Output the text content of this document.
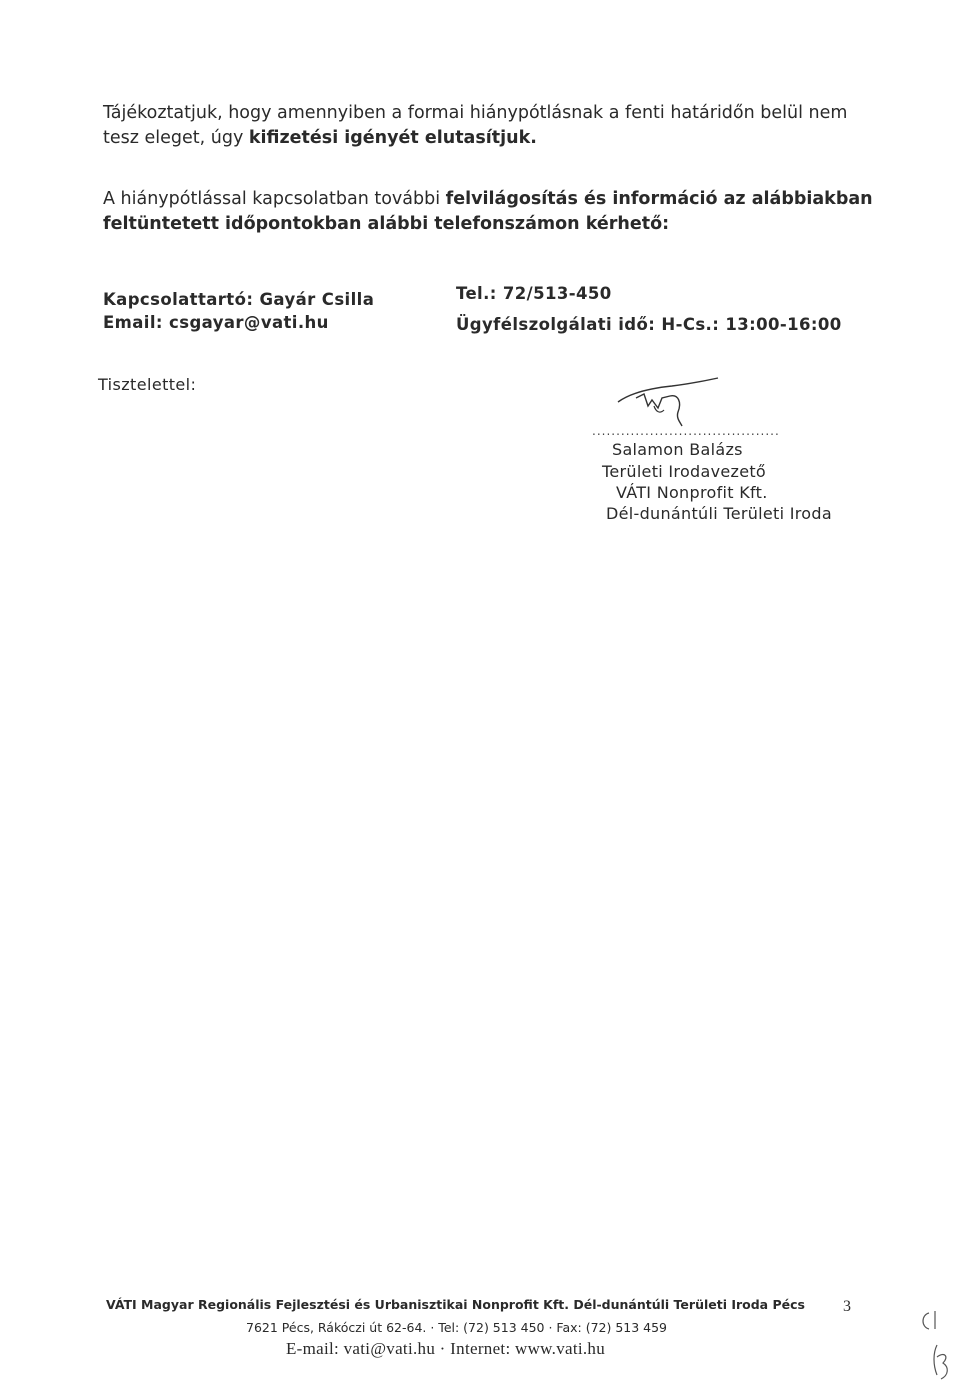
Tájékoztatjuk, hogy amennyiben a formai hiánypótlásnak a fenti határidőn belül nem
tesz eleget, úgy kifizetési igényét elutasítjuk.
A hiánypótlással kapcsolatban további felvilágosítás és információ az alábbiakban
feltüntetett időpontokban alábbi telefonszámon kérhető:
Kapcsolattartó: Gayár Csilla
Email: csgayar@vati.hu
Tel.: 72/513-450
Ügyfélszolgálati idő: H-Cs.: 13:00-16:00
Tisztelettel:
.......................................
Salamon Balázs
Területi Irodavezető
VÁTI Nonprofit Kft.
Dél-dunántúli Területi Iroda
VÁTI Magyar Regionális Fejlesztési és Urbanisztikai Nonprofit Kft. Dél-dunántúli Területi Iroda Pécs
7621 Pécs, Rákóczi út 62-64. · Tel: (72) 513 450 · Fax: (72) 513 459
E-mail: vati@vati.hu · Internet: www.vati.hu
3
